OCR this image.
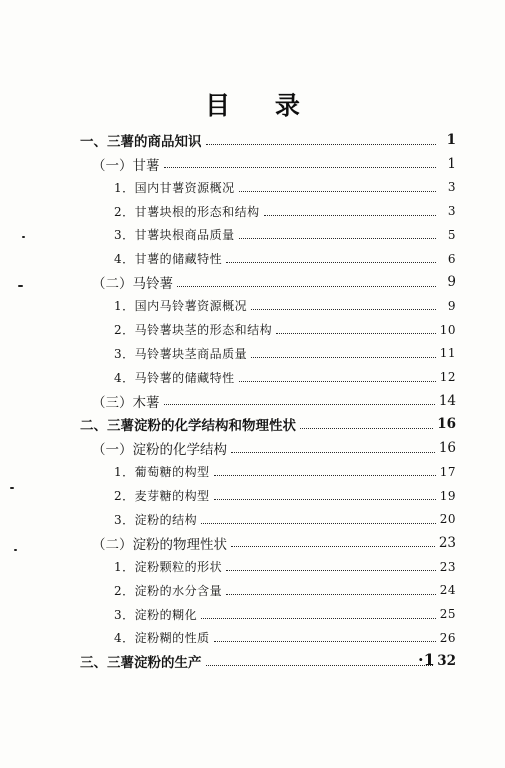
目 录
一、三薯的商品知识	1
（一）甘薯	1
1．国内甘薯资源概况	3
2．甘薯块根的形态和结构	3
3．甘薯块根商品质量	5
4．甘薯的储藏特性	6
（二）马铃薯	9
1．国内马铃薯资源概况	9
2．马铃薯块茎的形态和结构	10
3．马铃薯块茎商品质量	11
4．马铃薯的储藏特性	12
（三）木薯	14
二、三薯淀粉的化学结构和物理性状	16
（一）淀粉的化学结构	16
1．葡萄糖的构型	17
2．麦芽糖的构型	19
3．淀粉的结构	20
（二）淀粉的物理性状	23
1．淀粉颗粒的形状	23
2．淀粉的水分含量	24
3．淀粉的糊化	25
4．淀粉糊的性质	26
三、三薯淀粉的生产	32
·1
